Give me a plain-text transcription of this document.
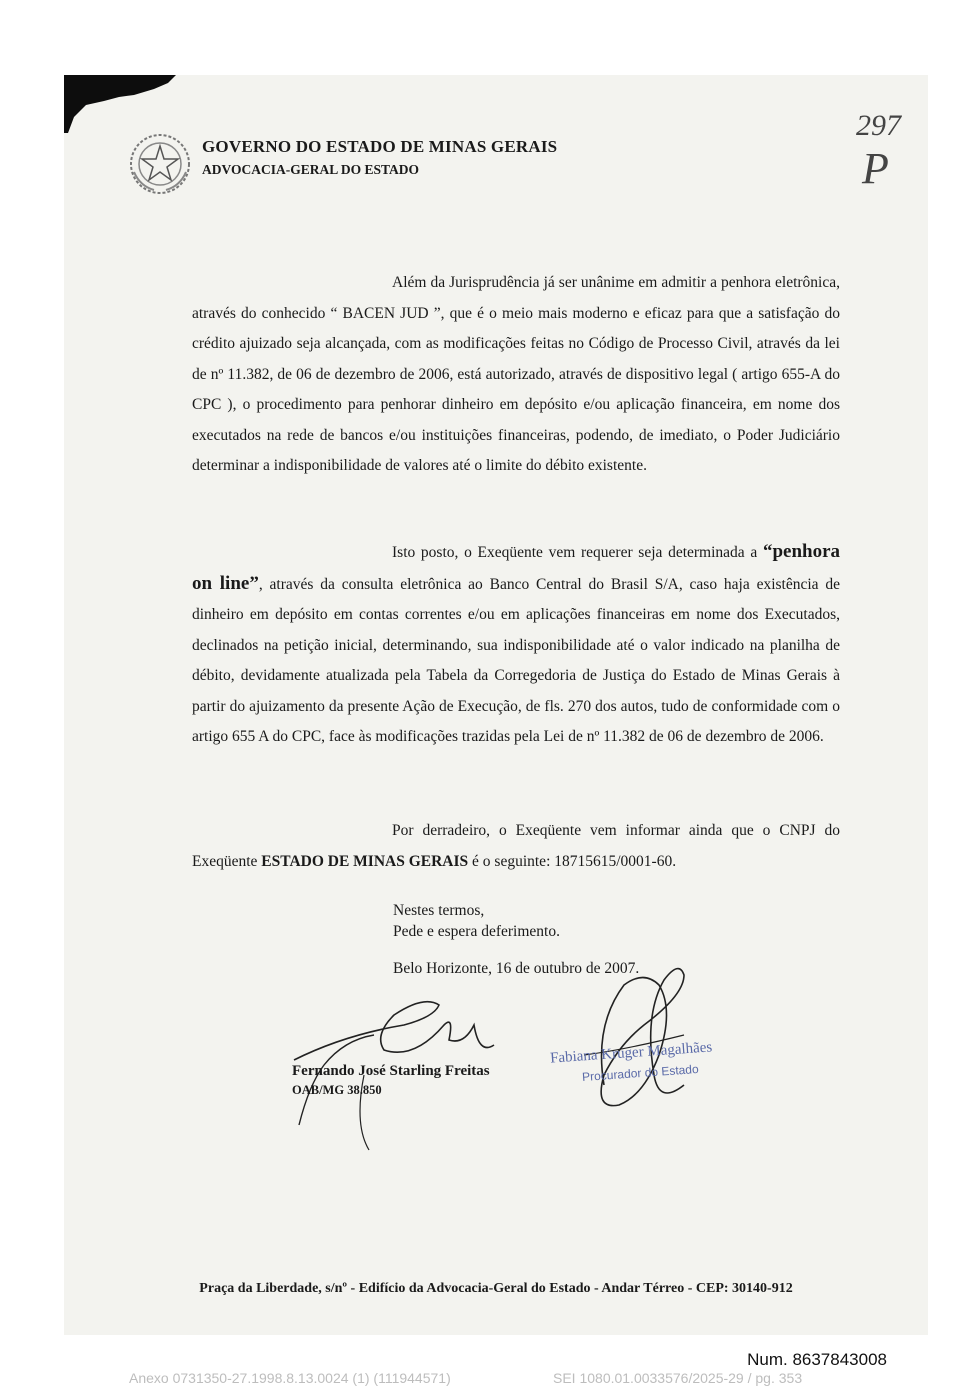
GOVERNO DO ESTADO DE MINAS GERAIS
ADVOCACIA-GERAL DO ESTADO
297
P

Além da Jurisprudência já ser unânime em admitir a penhora eletrônica, através do conhecido “ BACEN JUD ”, que é o meio mais moderno e eficaz para que a satisfação do crédito ajuizado seja alcançada, com as modificações feitas no Código de Processo Civil, através da lei de nº 11.382, de 06 de dezembro de 2006, está autorizado, através de dispositivo legal ( artigo 655-A do CPC ), o procedimento para penhorar dinheiro em depósito e/ou aplicação financeira, em nome dos executados na rede de bancos e/ou instituições financeiras, podendo, de imediato, o Poder Judiciário determinar a indisponibilidade de valores até o limite do débito existente.

Isto posto, o Exeqüente vem requerer seja determinada a “penhora on line”, através da consulta eletrônica ao Banco Central do Brasil S/A, caso haja existência de dinheiro em depósito em contas correntes e/ou em aplicações financeiras em nome dos Executados, declinados na petição inicial, determinando, sua indisponibilidade até o valor indicado na planilha de débito, devidamente atualizada pela Tabela da Corregedoria de Justiça do Estado de Minas Gerais à partir do ajuizamento da presente Ação de Execução, de fls. 270 dos autos, tudo de conformidade com o artigo 655 A do CPC, face às modificações trazidas pela Lei de nº 11.382 de 06 de dezembro de 2006.

Por derradeiro, o Exeqüente vem informar ainda que o CNPJ do Exeqüente ESTADO DE MINAS GERAIS é o seguinte: 18715615/0001-60.

Nestes termos,
Pede e espera deferimento.
Belo Horizonte, 16 de outubro de 2007.
Fernando José Starling Freitas
OAB/MG 38.850
Fabiana Kruger Magalhães
Procurador do Estado
Praça da Liberdade, s/nº - Edifício da Advocacia-Geral do Estado - Andar Térreo - CEP: 30140-912
Num. 8637843008
Anexo 0731350-27.1998.8.13.0024 (1) (111944571)	SEI 1080.01.0033576/2025-29 / pg. 353
